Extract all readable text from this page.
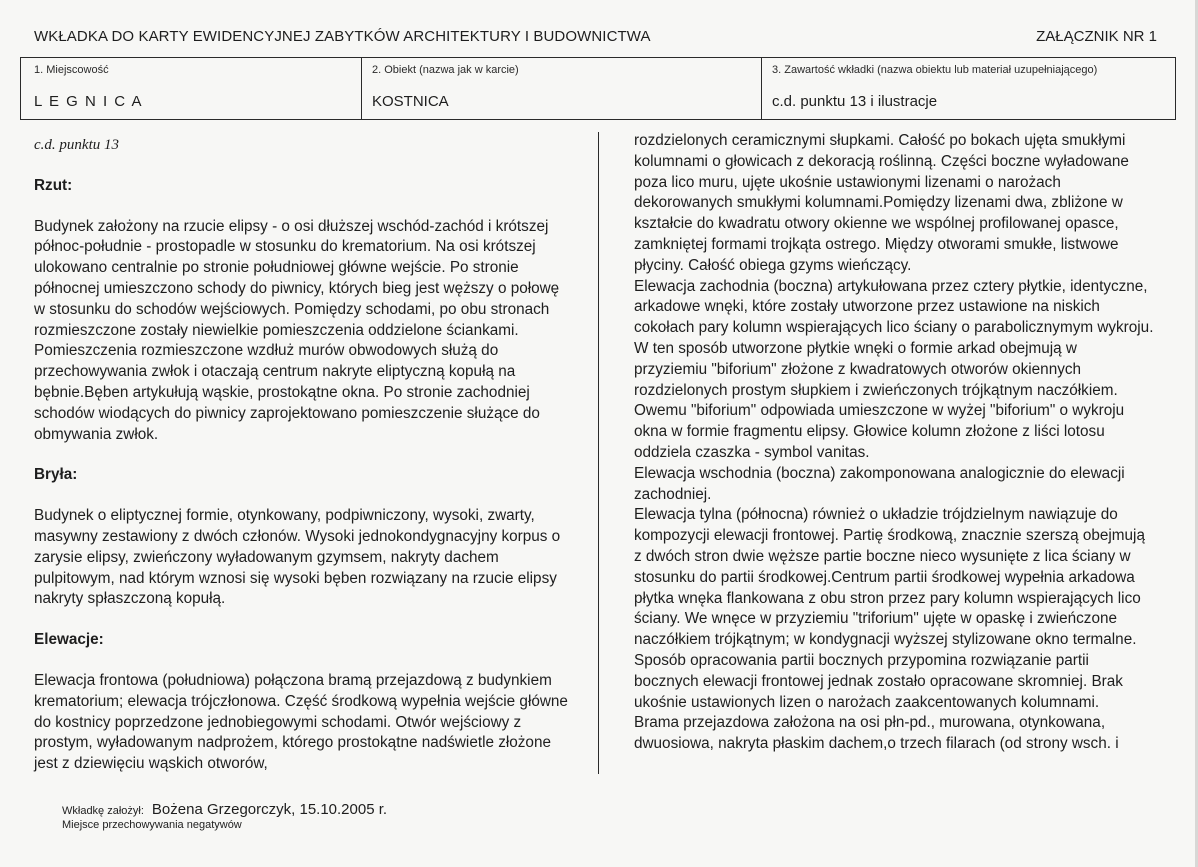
WKŁADKA DO KARTY EWIDENCYJNEJ ZABYTKÓW ARCHITEKTURY I BUDOWNICTWA	ZAŁĄCZNIK NR 1
1. Miejscowość
L E G N I C A
2. Obiekt (nazwa jak w karcie)
KOSTNICA
3. Zawartość wkładki (nazwa obiektu lub materiał uzupełniającego)
c.d. punktu 13 i ilustracje
c.d. punktu 13
Rzut:
Budynek założony na rzucie elipsy - o osi dłuższej wschód-zachód i krótszej północ-południe - prostopadle w stosunku do krematorium. Na osi krótszej ulokowano centralnie po stronie południowej główne wejście. Po stronie północnej umieszczono schody do piwnicy, których bieg jest węższy o połowę w stosunku do schodów wejściowych. Pomiędzy schodami, po obu stronach rozmieszczone zostały niewielkie pomieszczenia oddzielone ściankami. Pomieszczenia rozmieszczone wzdłuż murów obwodowych służą do przechowywania zwłok i otaczają centrum nakryte eliptyczną kopułą na bębnie.Bęben artykułują wąskie, prostokątne okna. Po stronie zachodniej schodów wiodących do piwnicy zaprojektowano pomieszczenie służące do obmywania zwłok.
Bryła:
Budynek o eliptycznej formie, otynkowany, podpiwniczony, wysoki, zwarty, masywny zestawiony z dwóch członów. Wysoki jednokondygnacyjny korpus o zarysie elipsy, zwieńczony wyładowanym gzymsem, nakryty dachem pulpitowym, nad którym wznosi się wysoki bęben rozwiązany na rzucie elipsy nakryty spłaszczoną kopułą.
Elewacje:
Elewacja frontowa (południowa) połączona bramą przejazdową z budynkiem krematorium; elewacja trójczłonowa. Część środkową wypełnia wejście główne do kostnicy poprzedzone jednobiegowymi schodami. Otwór wejściowy z prostym, wyładowanym nadprożem, którego prostokątne nadświetle złożone jest z dziewięciu wąskich otworów,
rozdzielonych ceramicznymi słupkami. Całość po bokach ujęta smukłymi kolumnami o głowicach z dekoracją roślinną. Części boczne wyładowane poza lico muru, ujęte ukośnie ustawionymi lizenami o narożach dekorowanych smukłymi kolumnami.Pomiędzy lizenami dwa, zbliżone w kształcie do kwadratu otwory okienne we wspólnej profilowanej opasce, zamkniętej formami trojkąta ostrego. Między otworami smukłe, listwowe płyciny. Całość obiega gzyms wieńczący.
Elewacja zachodnia (boczna) artykułowana przez cztery płytkie, identyczne, arkadowe wnęki, które zostały utworzone przez ustawione na niskich cokołach pary kolumn wspierających lico ściany o parabolicznymym wykroju. W ten sposób utworzone płytkie wnęki o formie arkad obejmują w przyziemiu "biforium" złożone z kwadratowych otworów okiennych rozdzielonych prostym słupkiem i zwieńczonych trójkątnym naczółkiem. Owemu "biforium" odpowiada umieszczone w wyżej "biforium" o wykroju okna w formie fragmentu elipsy. Głowice kolumn złożone z liści lotosu oddziela czaszka - symbol vanitas.
Elewacja wschodnia (boczna) zakomponowana analogicznie do elewacji zachodniej.
Elewacja tylna (północna) również o układzie trójdzielnym nawiązuje do kompozycji elewacji frontowej. Partię środkową, znacznie szerszą obejmują z dwóch stron dwie węższe partie boczne nieco wysunięte z lica ściany w stosunku do partii środkowej.Centrum partii środkowej wypełnia arkadowa płytka wnęka flankowana z obu stron przez pary kolumn wspierających lico ściany. We wnęce w przyziemiu "triforium" ujęte w opaskę i zwieńczone naczółkiem trójkątnym; w kondygnacji wyższej stylizowane okno termalne. Sposób opracowania partii bocznych przypomina rozwiązanie partii bocznych elewacji frontowej jednak zostało opracowane skromniej. Brak ukośnie ustawionych lizen o narożach zaakcentowanych kolumnami.
Brama przejazdowa założona na osi płn-pd., murowana, otynkowana, dwuosiowa, nakryta płaskim dachem,o trzech filarach (od strony wsch. i
Wkładkę założył: Bożena Grzegorczyk, 15.10.2005 r.
Miejsce przechowywania negatywów
